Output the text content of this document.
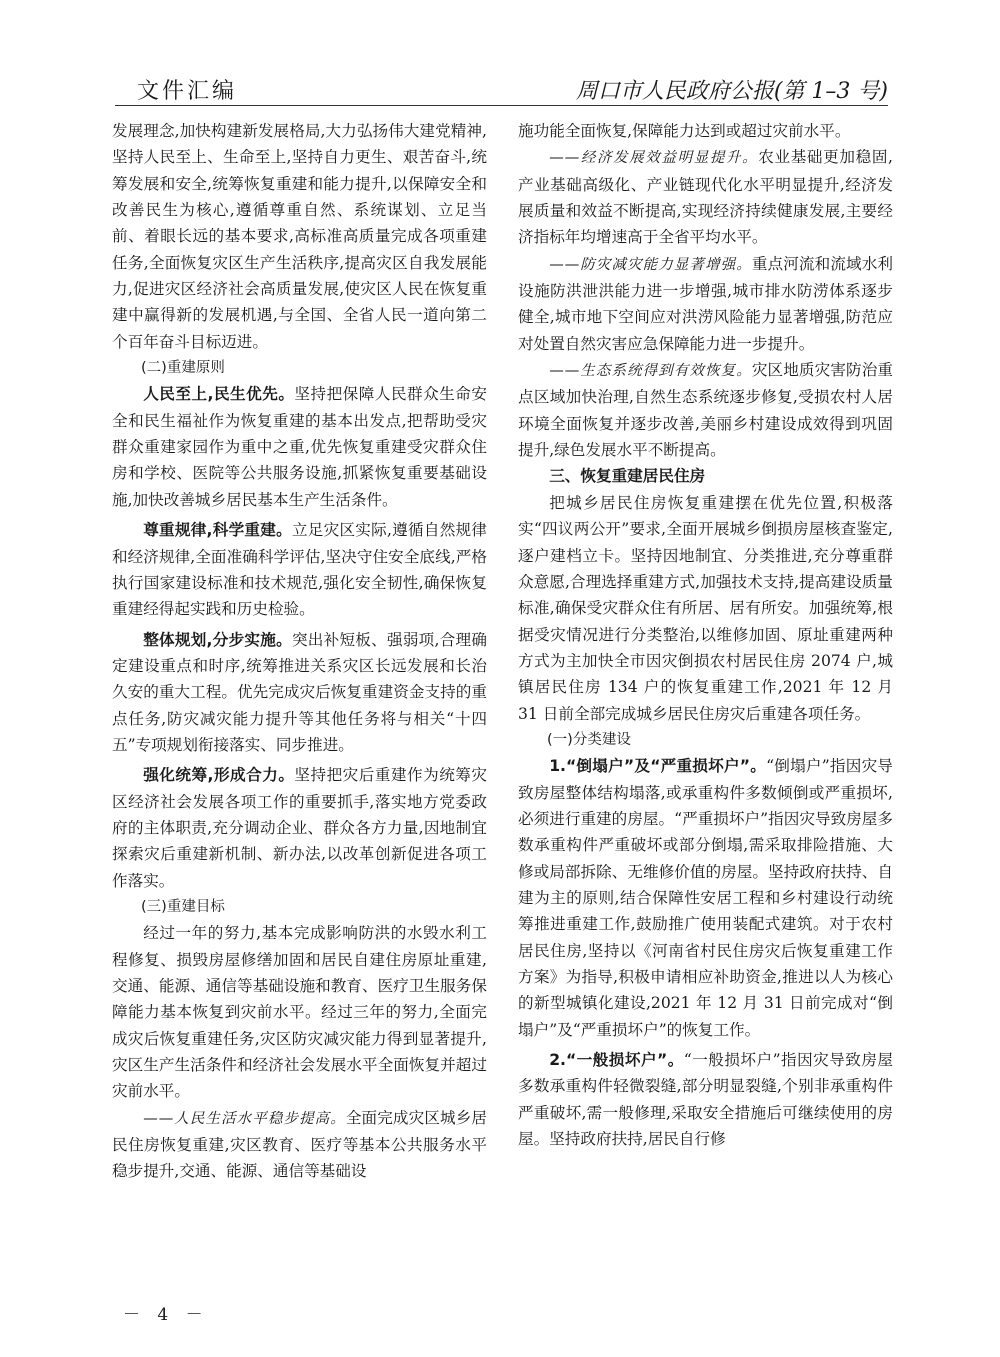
文件汇编	周口市人民政府公报(第 1–3 号)

发展理念,加快构建新发展格局,大力弘扬伟大建党精神,坚持人民至上、生命至上,坚持自力更生、艰苦奋斗,统筹发展和安全,统筹恢复重建和能力提升,以保障安全和改善民生为核心,遵循尊重自然、系统谋划、立足当前、着眼长远的基本要求,高标准高质量完成各项重建任务,全面恢复灾区生产生活秩序,提高灾区自我发展能力,促进灾区经济社会高质量发展,使灾区人民在恢复重建中赢得新的发展机遇,与全国、全省人民一道向第二个百年奋斗目标迈进。

(二)重建原则

人民至上,民生优先。坚持把保障人民群众生命安全和民生福祉作为恢复重建的基本出发点,把帮助受灾群众重建家园作为重中之重,优先恢复重建受灾群众住房和学校、医院等公共服务设施,抓紧恢复重要基础设施,加快改善城乡居民基本生产生活条件。

尊重规律,科学重建。立足灾区实际,遵循自然规律和经济规律,全面准确科学评估,坚决守住安全底线,严格执行国家建设标准和技术规范,强化安全韧性,确保恢复重建经得起实践和历史检验。

整体规划,分步实施。突出补短板、强弱项,合理确定建设重点和时序,统筹推进关系灾区长远发展和长治久安的重大工程。优先完成灾后恢复重建资金支持的重点任务,防灾减灾能力提升等其他任务将与相关“十四五”专项规划衔接落实、同步推进。

强化统筹,形成合力。坚持把灾后重建作为统筹灾区经济社会发展各项工作的重要抓手,落实地方党委政府的主体职责,充分调动企业、群众各方力量,因地制宜探索灾后重建新机制、新办法,以改革创新促进各项工作落实。

(三)重建目标

经过一年的努力,基本完成影响防洪的水毁水利工程修复、损毁房屋修缮加固和居民自建住房原址重建,交通、能源、通信等基础设施和教育、医疗卫生服务保障能力基本恢复到灾前水平。经过三年的努力,全面完成灾后恢复重建任务,灾区防灾减灾能力得到显著提升,灾区生产生活条件和经济社会发展水平全面恢复并超过灾前水平。

——人民生活水平稳步提高。全面完成灾区城乡居民住房恢复重建,灾区教育、医疗等基本公共服务水平稳步提升,交通、能源、通信等基础设

施功能全面恢复,保障能力达到或超过灾前水平。

——经济发展效益明显提升。农业基础更加稳固,产业基础高级化、产业链现代化水平明显提升,经济发展质量和效益不断提高,实现经济持续健康发展,主要经济指标年均增速高于全省平均水平。

——防灾减灾能力显著增强。重点河流和流域水利设施防洪泄洪能力进一步增强,城市排水防涝体系逐步健全,城市地下空间应对洪涝风险能力显著增强,防范应对处置自然灾害应急保障能力进一步提升。

——生态系统得到有效恢复。灾区地质灾害防治重点区域加快治理,自然生态系统逐步修复,受损农村人居环境全面恢复并逐步改善,美丽乡村建设成效得到巩固提升,绿色发展水平不断提高。

三、恢复重建居民住房

把城乡居民住房恢复重建摆在优先位置,积极落实“四议两公开”要求,全面开展城乡倒损房屋核查鉴定,逐户建档立卡。坚持因地制宜、分类推进,充分尊重群众意愿,合理选择重建方式,加强技术支持,提高建设质量标准,确保受灾群众住有所居、居有所安。加强统筹,根据受灾情况进行分类整治,以维修加固、原址重建两种方式为主加快全市因灾倒损农村居民住房 2074 户,城镇居民住房 134 户的恢复重建工作,2021 年 12 月 31 日前全部完成城乡居民住房灾后重建各项任务。

(一)分类建设

1.“倒塌户”及“严重损坏户”。“倒塌户”指因灾导致房屋整体结构塌落,或承重构件多数倾倒或严重损坏,必须进行重建的房屋。“严重损坏户”指因灾导致房屋多数承重构件严重破坏或部分倒塌,需采取排险措施、大修或局部拆除、无维修价值的房屋。坚持政府扶持、自建为主的原则,结合保障性安居工程和乡村建设行动统筹推进重建工作,鼓励推广使用装配式建筑。对于农村居民住房,坚持以《河南省村民住房灾后恢复重建工作方案》为指导,积极申请相应补助资金,推进以人为核心的新型城镇化建设,2021 年 12 月 31 日前完成对“倒塌户”及“严重损坏户”的恢复工作。

2.“一般损坏户”。“一般损坏户”指因灾导致房屋多数承重构件轻微裂缝,部分明显裂缝,个别非承重构件严重破坏,需一般修理,采取安全措施后可继续使用的房屋。坚持政府扶持,居民自行修

－ 4 －
